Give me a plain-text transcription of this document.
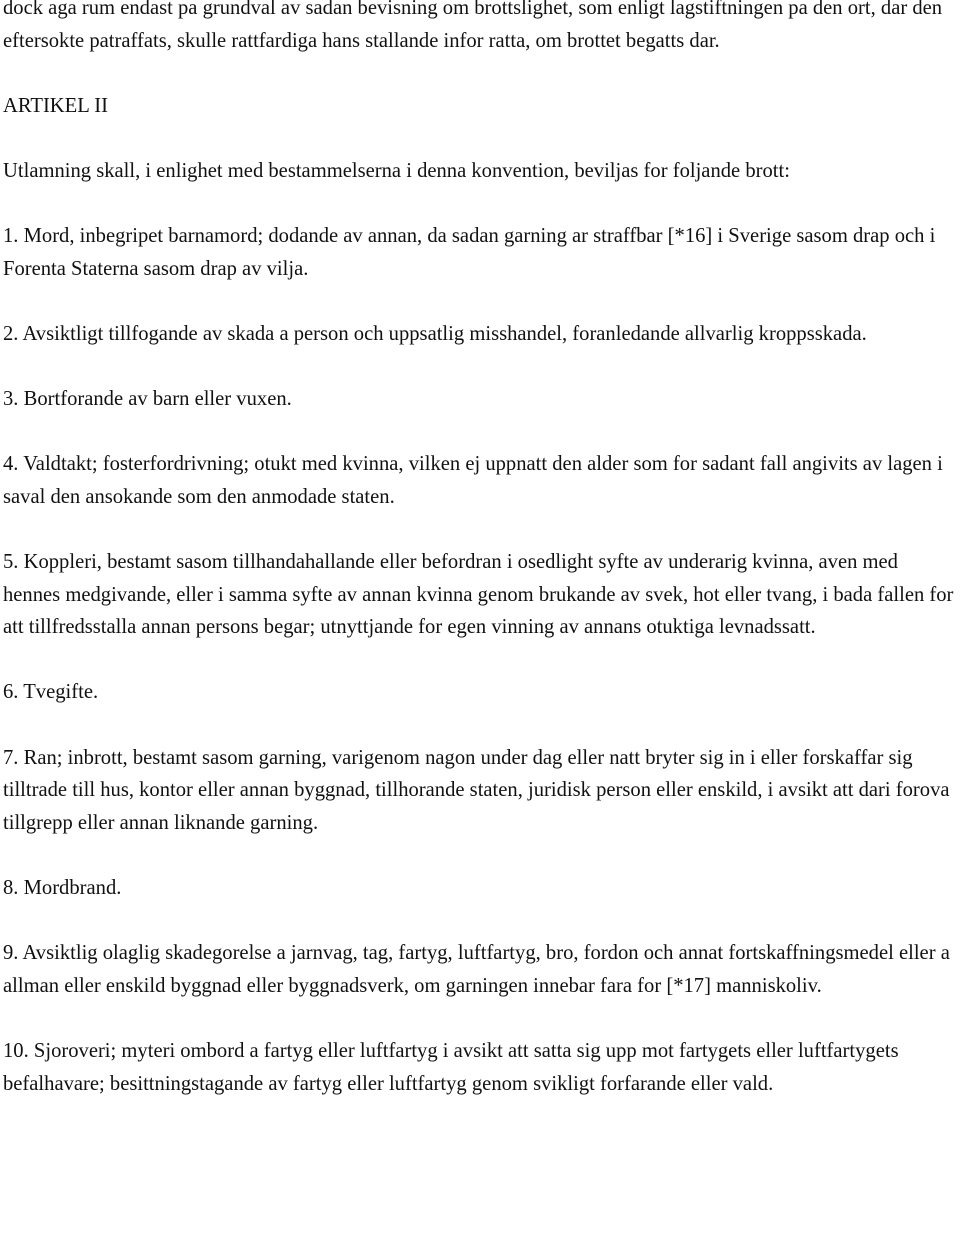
dock aga rum endast pa grundval av sadan bevisning om brottslighet, som enligt lagstiftningen pa den ort, dar den eftersokte patraffats, skulle rattfardiga hans stallande infor ratta, om brottet begatts dar.

ARTIKEL II

Utlamning skall, i enlighet med bestammelserna i denna konvention, beviljas for foljande brott:

1. Mord, inbegripet barnamord; dodande av annan, da sadan garning ar straffbar [*16] i Sverige sasom drap och i Forenta Staterna sasom drap av vilja.

2. Avsiktligt tillfogande av skada a person och uppsatlig misshandel, foranledande allvarlig kroppsskada.

3. Bortforande av barn eller vuxen.

4. Valdtakt; fosterfordrivning; otukt med kvinna, vilken ej uppnatt den alder som for sadant fall angivits av lagen i saval den ansokande som den anmodade staten.

5. Koppleri, bestamt sasom tillhandahallande eller befordran i osedlight syfte av underarig kvinna, aven med hennes medgivande, eller i samma syfte av annan kvinna genom brukande av svek, hot eller tvang, i bada fallen for att tillfredsstalla annan persons begar; utnyttjande for egen vinning av annans otuktiga levnadssatt.

6. Tvegifte.

7. Ran; inbrott, bestamt sasom garning, varigenom nagon under dag eller natt bryter sig in i eller forskaffar sig tilltrade till hus, kontor eller annan byggnad, tillhorande staten, juridisk person eller enskild, i avsikt att dari forova tillgrepp eller annan liknande garning.

8. Mordbrand.

9. Avsiktlig olaglig skadegorelse a jarnvag, tag, fartyg, luftfartyg, bro, fordon och annat fortskaffningsmedel eller a allman eller enskild byggnad eller byggnadsverk, om garningen innebar fara for [*17] manniskoliv.

10. Sjoroveri; myteri ombord a fartyg eller luftfartyg i avsikt att satta sig upp mot fartygets eller luftfartygets befalhavare; besittningstagande av fartyg eller luftfartyg genom svikligt forfarande eller vald.
